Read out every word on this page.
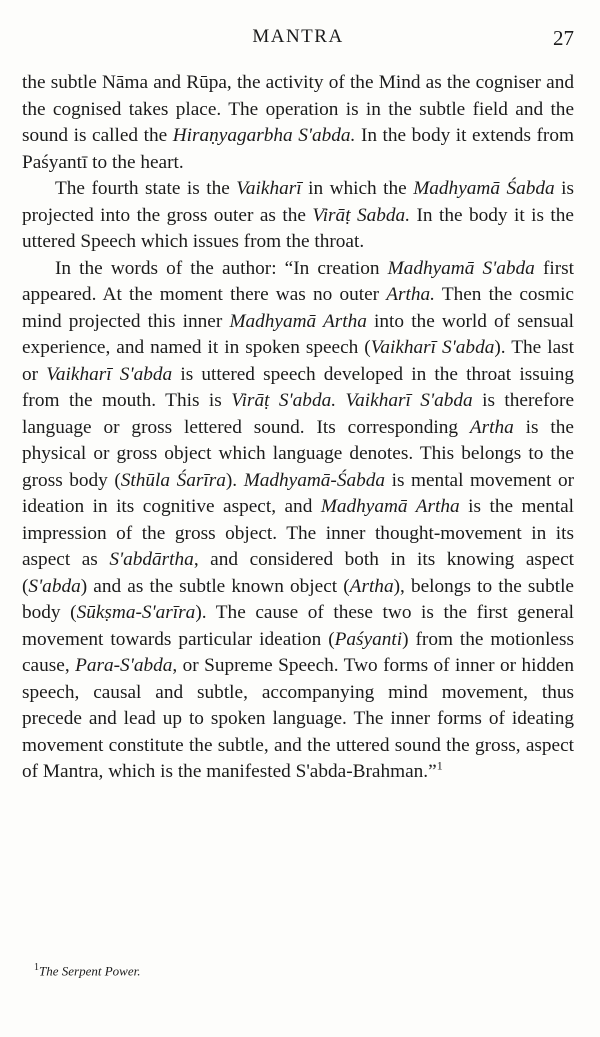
MANTRA	27

the subtle Nāma and Rūpa, the activity of the Mind as the cogniser and the cognised takes place. The operation is in the subtle field and the sound is called the Hiraṇyagarbha S'abda. In the body it extends from Paśyantī to the heart.

The fourth state is the Vaikharī in which the Madhyamā Śabda is projected into the gross outer as the Virāṭ Sabda. In the body it is the uttered Speech which issues from the throat.

In the words of the author: “In creation Madhyamā S'abda first appeared. At the moment there was no outer Artha. Then the cosmic mind projected this inner Madhyamā Artha into the world of sensual experience, and named it in spoken speech (Vaikharī S'abda). The last or Vaikharī S'abda is uttered speech developed in the throat issuing from the mouth. This is Virāṭ S'abda. Vaikharī S'abda is therefore language or gross lettered sound. Its corresponding Artha is the physical or gross object which language denotes. This belongs to the gross body (Sthūla Śarīra). Madhyamā-Śabda is mental movement or ideation in its cognitive aspect, and Madhyamā Artha is the mental impression of the gross object. The inner thought-movement in its aspect as S'abdārtha, and considered both in its knowing aspect (S'abda) and as the subtle known object (Artha), belongs to the subtle body (Sūkṣma-S'arīra). The cause of these two is the first general movement towards particular ideation (Paśyanti) from the motionless cause, Para-S'abda, or Supreme Speech. Two forms of inner or hidden speech, causal and subtle, accompanying mind movement, thus precede and lead up to spoken language. The inner forms of ideating movement constitute the subtle, and the uttered sound the gross, aspect of Mantra, which is the manifested S'abda-Brahman.”$^1$

$^1$The Serpent Power.
